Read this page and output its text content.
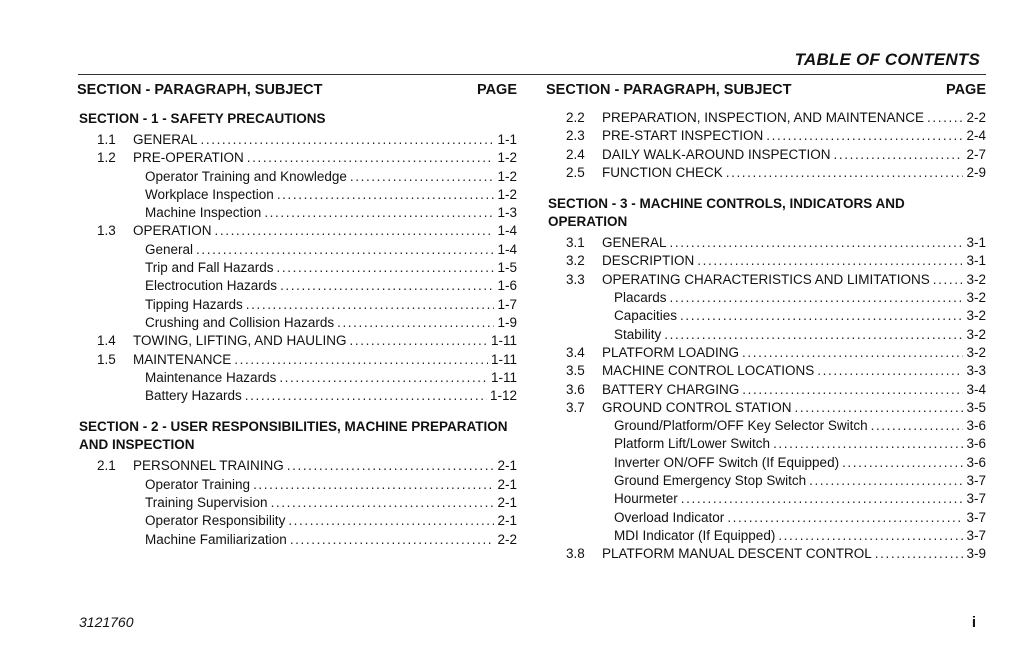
TABLE OF CONTENTS
SECTION - PARAGRAPH, SUBJECT	PAGE
SECTION - 1 - SAFETY PRECAUTIONS
1.1	GENERAL .....	1-1
1.2	PRE-OPERATION .....	1-2
Operator Training and Knowledge .....	1-2
Workplace Inspection .....	1-2
Machine Inspection .....	1-3
1.3	OPERATION .....	1-4
General .....	1-4
Trip and Fall Hazards .....	1-5
Electrocution Hazards .....	1-6
Tipping Hazards .....	1-7
Crushing and Collision Hazards .....	1-9
1.4	TOWING, LIFTING, AND HAULING .....	1-11
1.5	MAINTENANCE .....	1-11
Maintenance Hazards .....	1-11
Battery Hazards .....	1-12
SECTION - 2 - USER RESPONSIBILITIES, MACHINE PREPARATION AND INSPECTION
2.1	PERSONNEL TRAINING .....	2-1
Operator Training .....	2-1
Training Supervision .....	2-1
Operator Responsibility .....	2-1
Machine Familiarization .....	2-2
SECTION - PARAGRAPH, SUBJECT	PAGE
2.2	PREPARATION, INSPECTION, AND MAINTENANCE .....	2-2
2.3	PRE-START INSPECTION .....	2-4
2.4	DAILY WALK-AROUND INSPECTION .....	2-7
2.5	FUNCTION CHECK .....	2-9
SECTION - 3 - MACHINE CONTROLS, INDICATORS AND OPERATION
3.1	GENERAL .....	3-1
3.2	DESCRIPTION .....	3-1
3.3	OPERATING CHARACTERISTICS AND LIMITATIONS .....	3-2
Placards .....	3-2
Capacities .....	3-2
Stability .....	3-2
3.4	PLATFORM LOADING .....	3-2
3.5	MACHINE CONTROL LOCATIONS .....	3-3
3.6	BATTERY CHARGING .....	3-4
3.7	GROUND CONTROL STATION .....	3-5
Ground/Platform/OFF Key Selector Switch .....	3-6
Platform Lift/Lower Switch .....	3-6
Inverter ON/OFF Switch (If Equipped) .....	3-6
Ground Emergency Stop Switch .....	3-7
Hourmeter .....	3-7
Overload Indicator .....	3-7
MDI Indicator (If Equipped) .....	3-7
3.8	PLATFORM MANUAL DESCENT CONTROL .....	3-9
3121760	i
